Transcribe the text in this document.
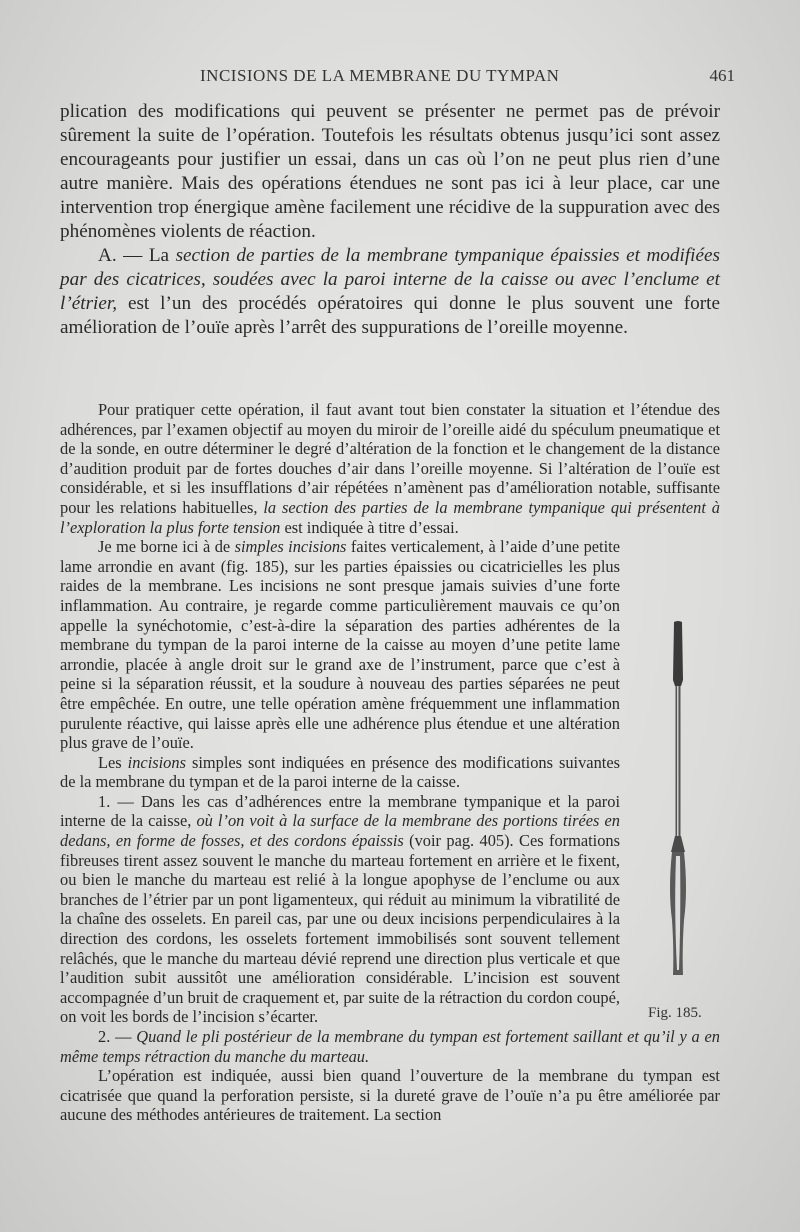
INCISIONS DE LA MEMBRANE DU TYMPAN	461

plication des modifications qui peuvent se présenter ne permet pas de prévoir sûrement la suite de l’opération. Toutefois les résultats obtenus jusqu’ici sont assez encourageants pour justifier un essai, dans un cas où l’on ne peut plus rien d’une autre manière. Mais des opérations étendues ne sont pas ici à leur place, car une intervention trop énergique amène facilement une récidive de la suppuration avec des phénomènes violents de réaction.

A. — La section de parties de la membrane tympanique épaissies et modifiées par des cicatrices, soudées avec la paroi interne de la caisse ou avec l’enclume et l’étrier, est l’un des procédés opératoires qui donne le plus souvent une forte amélioration de l’ouïe après l’arrêt des suppurations de l’oreille moyenne.

Pour pratiquer cette opération, il faut avant tout bien constater la situation et l’étendue des adhérences, par l’examen objectif au moyen du miroir de l’oreille aidé du spéculum pneumatique et de la sonde, en outre déterminer le degré d’altération de la fonction et le changement de la distance d’audition produit par de fortes douches d’air dans l’oreille moyenne. Si l’altération de l’ouïe est considérable, et si les insufflations d’air répétées n’amènent pas d’amélioration notable, suffisante pour les relations habituelles, la section des parties de la membrane tympanique qui présentent à l’exploration la plus forte tension est indiquée à titre d’essai.

Je me borne ici à de simples incisions faites verticalement, à l’aide d’une petite lame arrondie en avant (fig. 185), sur les parties épaissies ou cicatricielles les plus raides de la membrane. Les incisions ne sont presque jamais suivies d’une forte inflammation. Au contraire, je regarde comme particulièrement mauvais ce qu’on appelle la synéchotomie, c’est-à-dire la séparation des parties adhérentes de la membrane du tympan de la paroi interne de la caisse au moyen d’une petite lame arrondie, placée à angle droit sur le grand axe de l’instrument, parce que c’est à peine si la séparation réussit, et la soudure à nouveau des parties séparées ne peut être empêchée. En outre, une telle opération amène fréquemment une inflammation purulente réactive, qui laisse après elle une adhérence plus étendue et une altération plus grave de l’ouïe.

Les incisions simples sont indiquées en présence des modifications suivantes de la membrane du tympan et de la paroi interne de la caisse.

1. — Dans les cas d’adhérences entre la membrane tympanique et la paroi interne de la caisse, où l’on voit à la surface de la membrane des portions tirées en dedans, en forme de fosses, et des cordons épaissis (voir pag. 405). Ces formations fibreuses tirent assez souvent le manche du marteau fortement en arrière et le fixent, ou bien le manche du marteau est relié à la longue apophyse de l’enclume ou aux branches de l’étrier par un pont ligamenteux, qui réduit au minimum la vibratilité de la chaîne des osselets. En pareil cas, par une ou deux incisions perpendiculaires à la direction des cordons, les osselets fortement immobilisés sont souvent tellement relâchés, que le manche du marteau dévié reprend une direction plus verticale et que l’audition subit aussitôt une amélioration considérable. L’incision est souvent accompagnée d’un bruit de craquement et, par suite de la rétraction du cordon coupé, on voit les bords de l’incision s’écarter.

2. — Quand le pli postérieur de la membrane du tympan est fortement saillant et qu’il y a en même temps rétraction du manche du marteau.

L’opération est indiquée, aussi bien quand l’ouverture de la membrane du tympan est cicatrisée que quand la perforation persiste, si la dureté grave de l’ouïe n’a pu être améliorée par aucune des méthodes antérieures de traitement. La section

Fig. 185.
